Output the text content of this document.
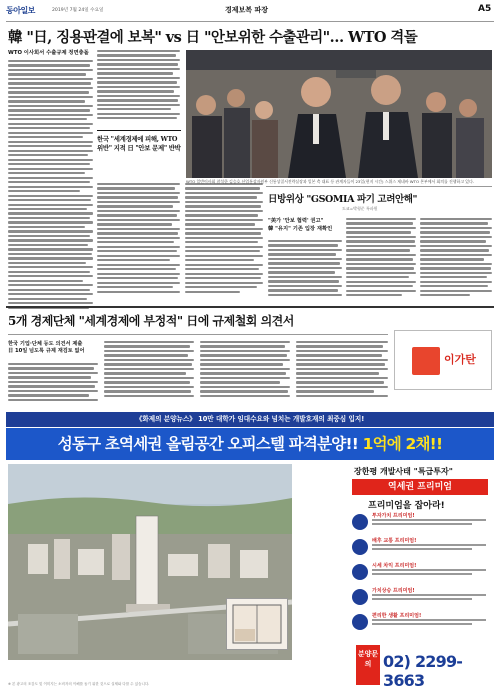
동아일보	2019년 7월 24일 수요일	경제보복 파장	A5
韓 "日, 징용판결에 보복" vs 日 "안보위한 수출관리"… WTO 격돌
WTO 이사회서 수출규제 정면충돌
한국 "세계경제에 피해, WTO 위반" 지적 日 "안보 문제" 반박
WTO 일반이사회 참석한 김승호 산업통상자원부 신통상질서전략실장과 일본 측 대표 등 관계자들이 23일(현지 시간) 스위스 제네바 WTO 본부에서 회의를 진행하고 있다.
日방위상 "GSOMIA 파기 고려안해"
도쿄=박형준 특파원

"美가 '안보 협력' 권고"

韓 "유지" 기존 입장 재확인

5개 경제단체 "세계경제에 부정적" 日에 규제철회 의견서

한국 기업·단체 등도 의견서 제출

日 10일 넘도록 규제 재검토 없어

이가탄
《화제의 분양뉴스》 10만 대학가 임대수요와 넘치는 개발호재의 최중심 입지!
성동구 초역세권 올림공간 오피스텔 파격분양!! 1억에 2채!!
장한평 개발사태 "특급투자"
역세권 프리미엄
프리미엄을 잡아라!
투자가치 프리미엄!
배후 교통 프리미엄!
시세 차익 프리미엄!
가치상승 프리미엄!
편리한 생활 프리미엄!
분양문의 02) 2299-3663
※ 본 광고의 조감도 및 이미지는 소비자의 이해를 돕기 위한 것으로 실제와 다를 수 있습니다.
